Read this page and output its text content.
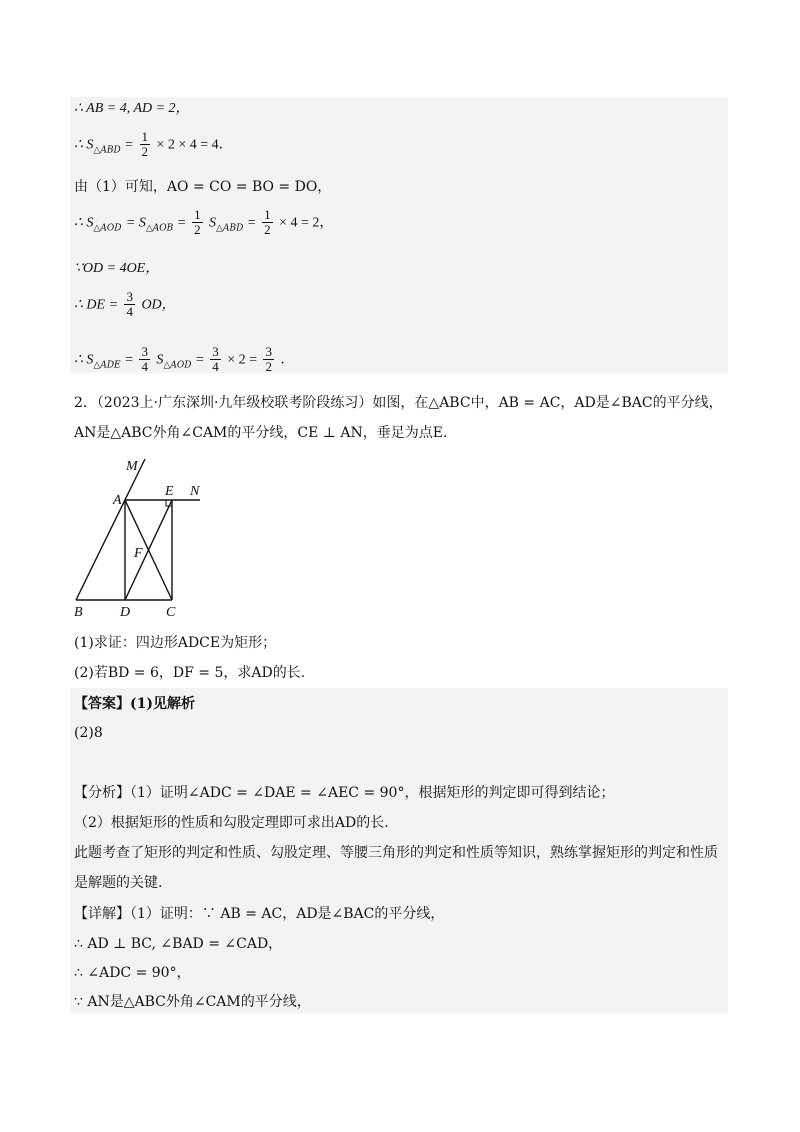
∴ AB = 4, AD = 2，
∴ $S_{\triangle ABD} = \frac{1}{2} \times 2 \times 4 = 4$．
由（1）可知，AO = CO = BO = DO，
∴ $S_{\triangle AOD} = S_{\triangle AOB} = \frac{1}{2} S_{\triangle ABD} = \frac{1}{2} \times 4 = 2$，
∵OD = 4OE，
∴ DE = $\frac{3}{4}$ OD，
∴ $S_{\triangle ADE} = \frac{3}{4} S_{\triangle AOD} = \frac{3}{4} \times 2 = \frac{3}{2}$ ．
2．（2023上·广东深圳·九年级校联考阶段练习）如图，在△ABC中，AB = AC，AD是∠BAC的平分线，
AN是△ABC外角∠CAM的平分线，CE ⊥ AN，垂足为点E.
M
A
E N
F
B	D	C
(1)求证：四边形ADCE为矩形；
(2)若BD = 6，DF = 5，求AD的长.
【答案】(1)见解析
(2)8
【分析】（1）证明∠ADC = ∠DAE = ∠AEC = 90°，根据矩形的判定即可得到结论；
（2）根据矩形的性质和勾股定理即可求出AD的长.
此题考查了矩形的判定和性质、勾股定理、等腰三角形的判定和性质等知识，熟练掌握矩形的判定和性质
是解题的关键.
【详解】（1）证明：∵ AB = AC，AD是∠BAC的平分线，
∴ AD ⊥ BC, ∠BAD = ∠CAD，
∴ ∠ADC = 90°，
∵ AN是△ABC外角∠CAM的平分线，
